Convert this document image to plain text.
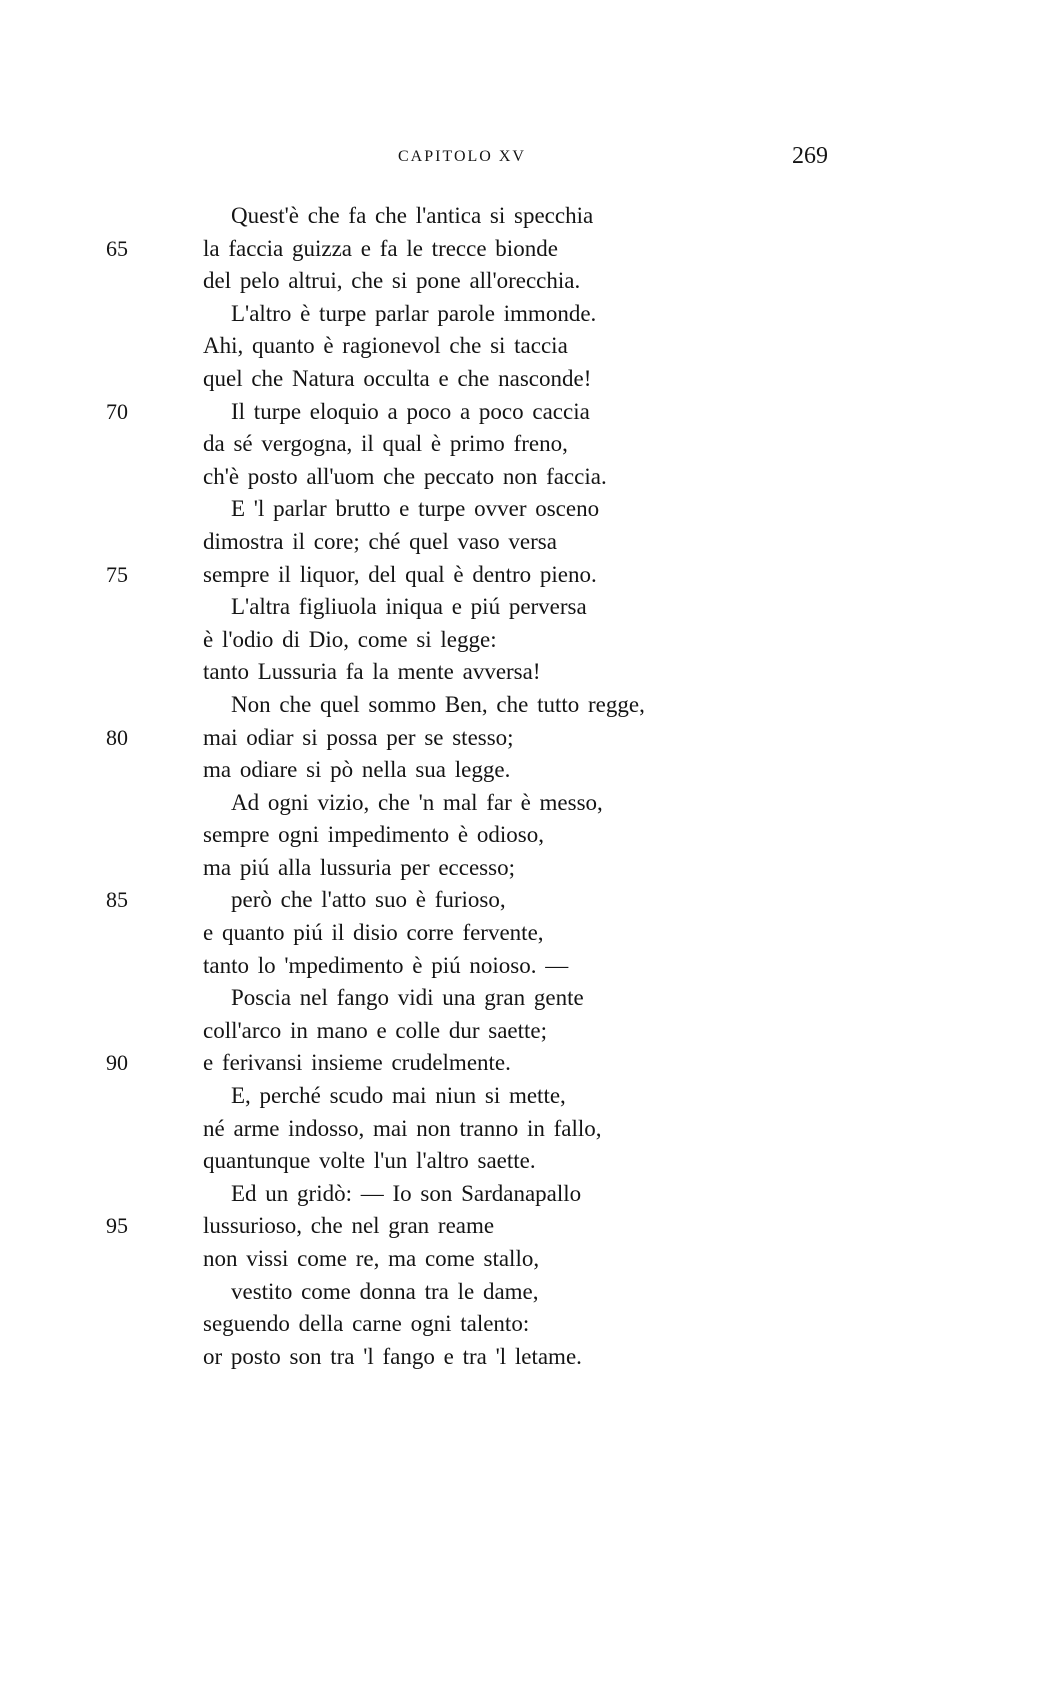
CAPITOLO XV	269
Quest'è che fa che l'antica si specchia
65	la faccia guizza e fa le trecce bionde
del pelo altrui, che si pone all'orecchia.
L'altro è turpe parlar parole immonde.
Ahi, quanto è ragionevol che si taccia
quel che Natura occulta e che nasconde!
70	Il turpe eloquio a poco a poco caccia
da sé vergogna, il qual è primo freno,
ch'è posto all'uom che peccato non faccia.
E 'l parlar brutto e turpe ovver osceno
dimostra il core; ché quel vaso versa
75	sempre il liquor, del qual è dentro pieno.
L'altra figliuola iniqua e piú perversa
è l'odio di Dio, come si legge:
tanto Lussuria fa la mente avversa!
Non che quel sommo Ben, che tutto regge,
80	mai odiar si possa per se stesso;
ma odiare si pò nella sua legge.
Ad ogni vizio, che 'n mal far è messo,
sempre ogni impedimento è odioso,
ma piú alla lussuria per eccesso;
85	però che l'atto suo è furioso,
e quanto piú il disio corre fervente,
tanto lo 'mpedimento è piú noioso. —
Poscia nel fango vidi una gran gente
coll'arco in mano e colle dur saette;
90	e ferivansi insieme crudelmente.
E, perché scudo mai niun si mette,
né arme indosso, mai non tranno in fallo,
quantunque volte l'un l'altro saette.
Ed un gridò: — Io son Sardanapallo
95	lussurioso, che nel gran reame
non vissi come re, ma come stallo,
vestito come donna tra le dame,
seguendo della carne ogni talento:
or posto son tra 'l fango e tra 'l letame.
